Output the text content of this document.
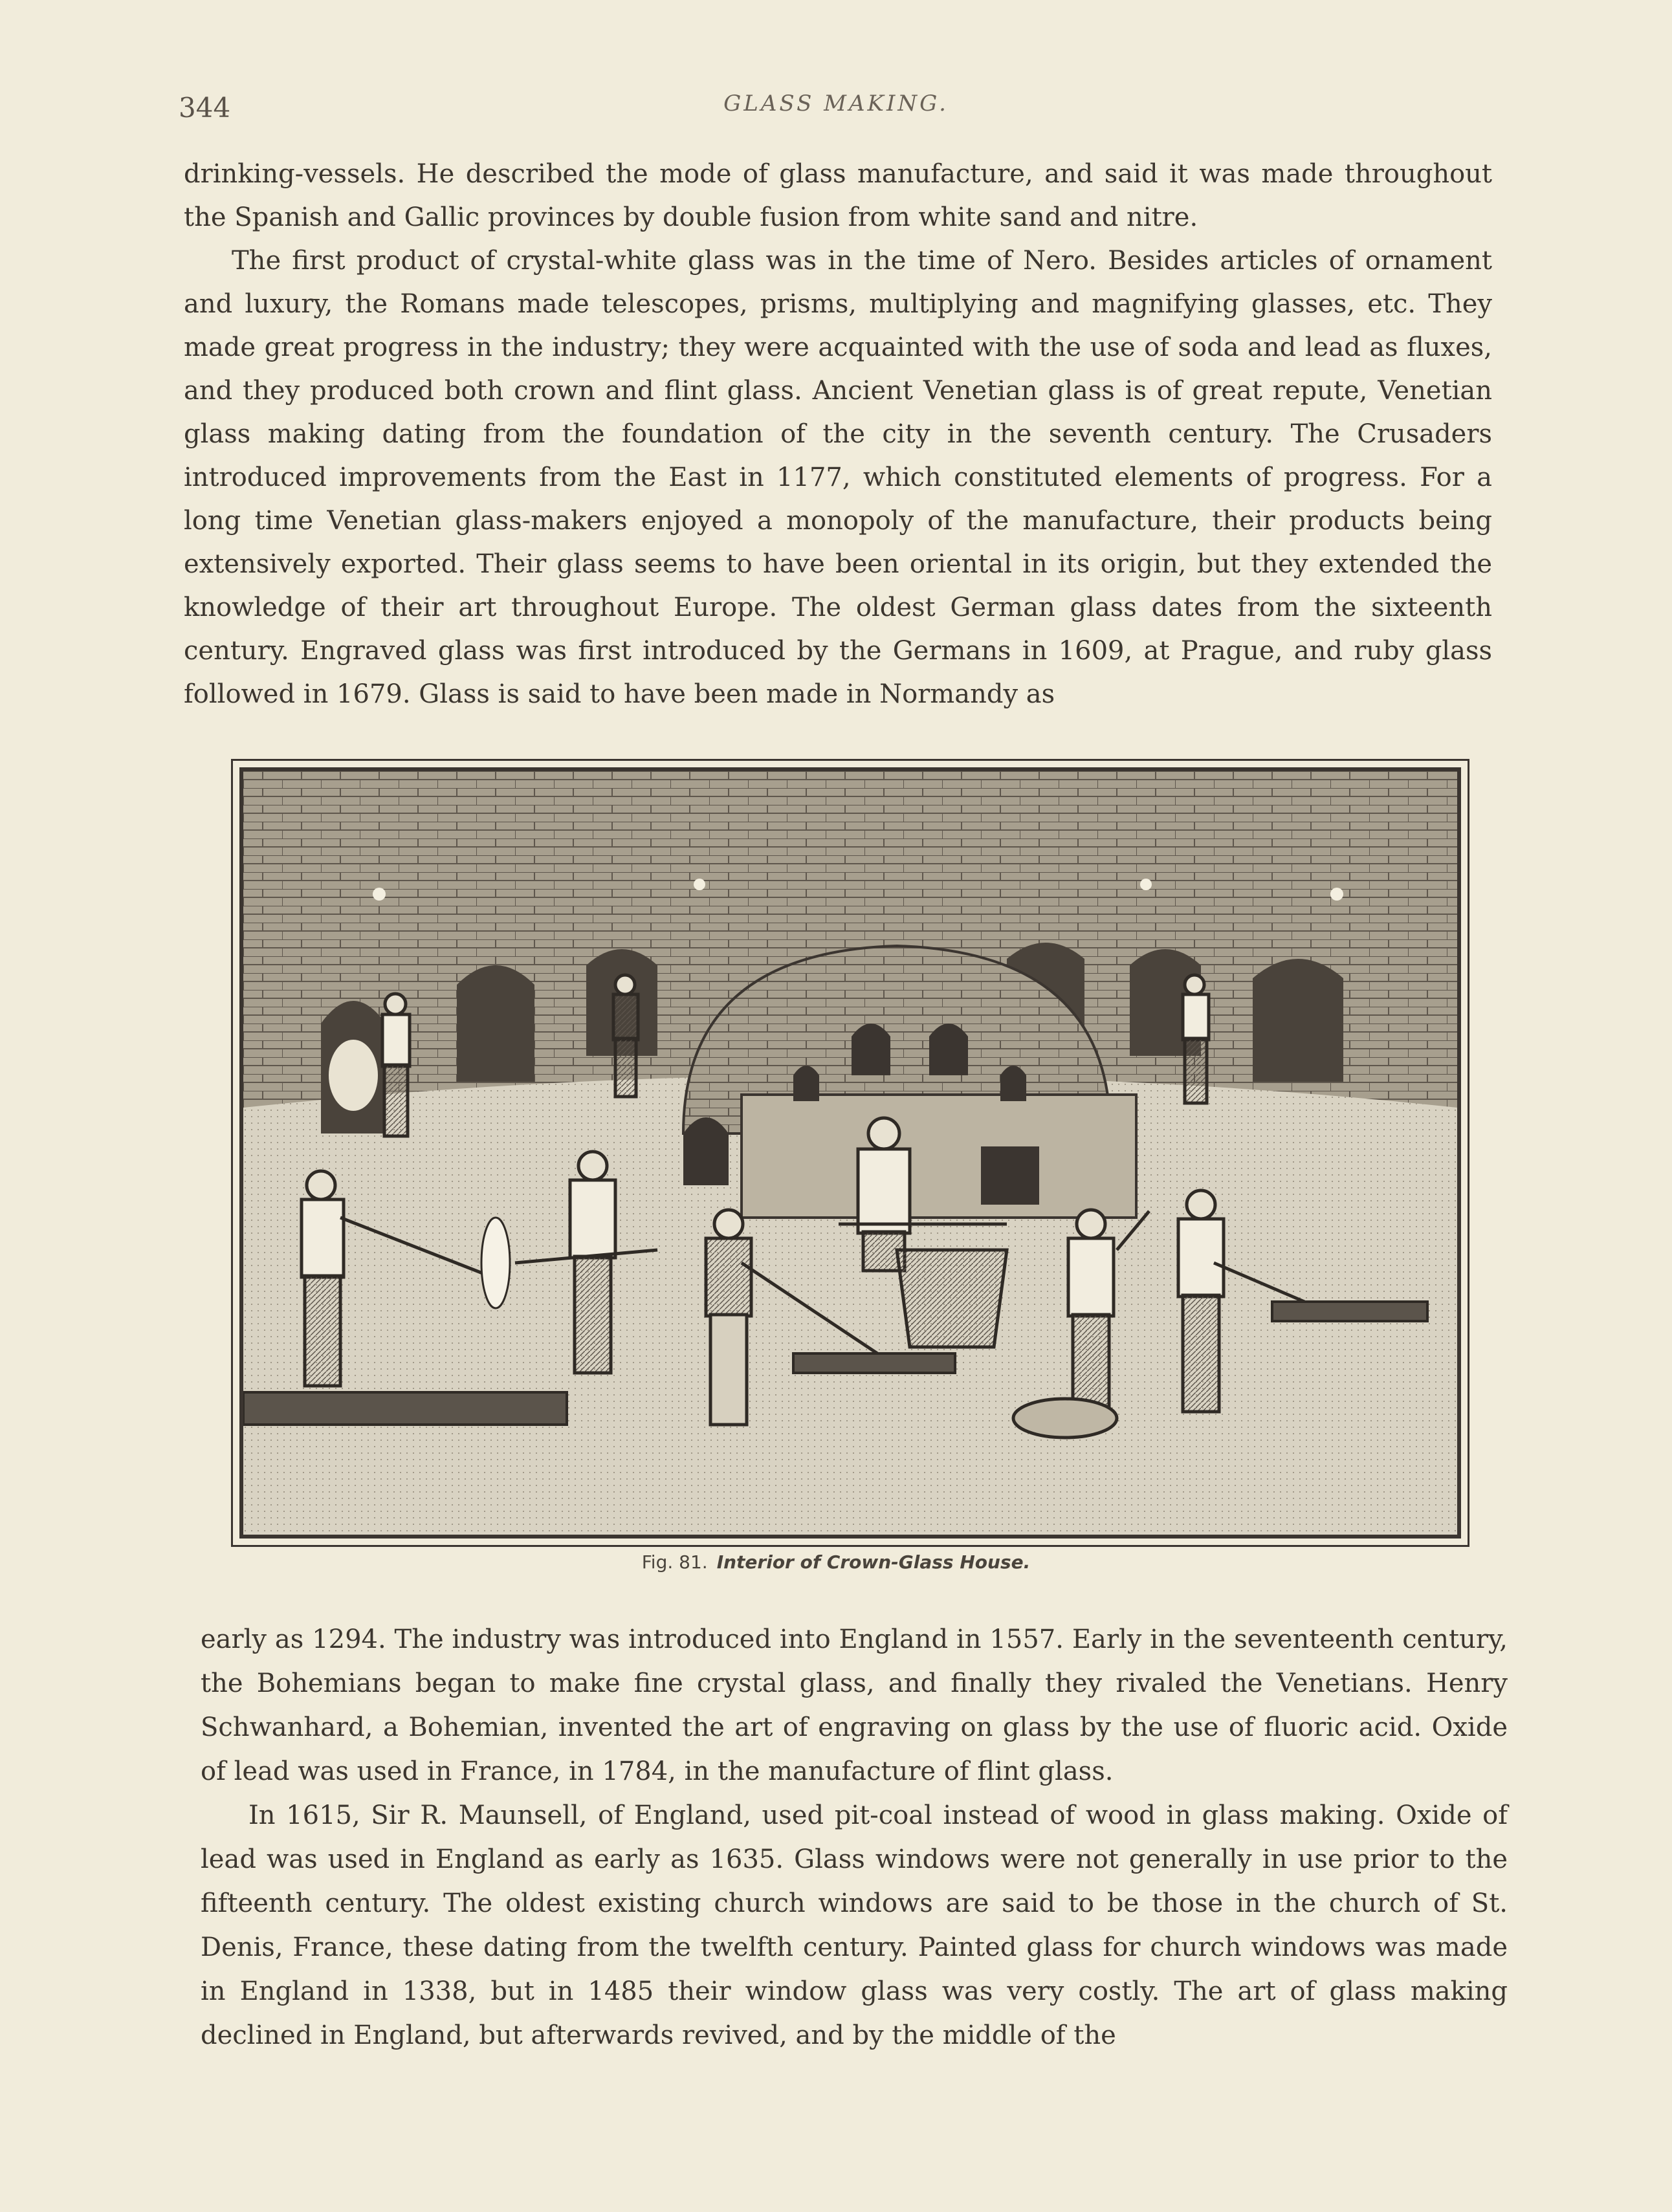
344	GLASS MAKING.

drinking-vessels. He described the mode of glass manufacture, and said it was made throughout the Spanish and Gallic provinces by double fusion from white sand and nitre.

The first product of crystal-white glass was in the time of Nero. Besides articles of ornament and luxury, the Romans made telescopes, prisms, multiplying and magnifying glasses, etc. They made great progress in the industry; they were acquainted with the use of soda and lead as fluxes, and they produced both crown and flint glass. Ancient Venetian glass is of great repute, Venetian glass making dating from the foundation of the city in the seventh century. The Crusaders introduced improvements from the East in 1177, which constituted elements of progress. For a long time Venetian glass-makers enjoyed a monopoly of the manufacture, their products being extensively exported. Their glass seems to have been oriental in its origin, but they extended the knowledge of their art throughout Europe. The oldest German glass dates from the sixteenth century. Engraved glass was first introduced by the Germans in 1609, at Prague, and ruby glass followed in 1679. Glass is said to have been made in Normandy as

Fig. 81. Interior of Crown-Glass House.

early as 1294. The industry was introduced into England in 1557. Early in the seventeenth century, the Bohemians began to make fine crystal glass, and finally they rivaled the Venetians. Henry Schwanhard, a Bohemian, invented the art of engraving on glass by the use of fluoric acid. Oxide of lead was used in France, in 1784, in the manufacture of flint glass.

In 1615, Sir R. Maunsell, of England, used pit-coal instead of wood in glass making. Oxide of lead was used in England as early as 1635. Glass windows were not generally in use prior to the fifteenth century. The oldest existing church windows are said to be those in the church of St. Denis, France, these dating from the twelfth century. Painted glass for church windows was made in England in 1338, but in 1485 their window glass was very costly. The art of glass making declined in England, but afterwards revived, and by the middle of the
